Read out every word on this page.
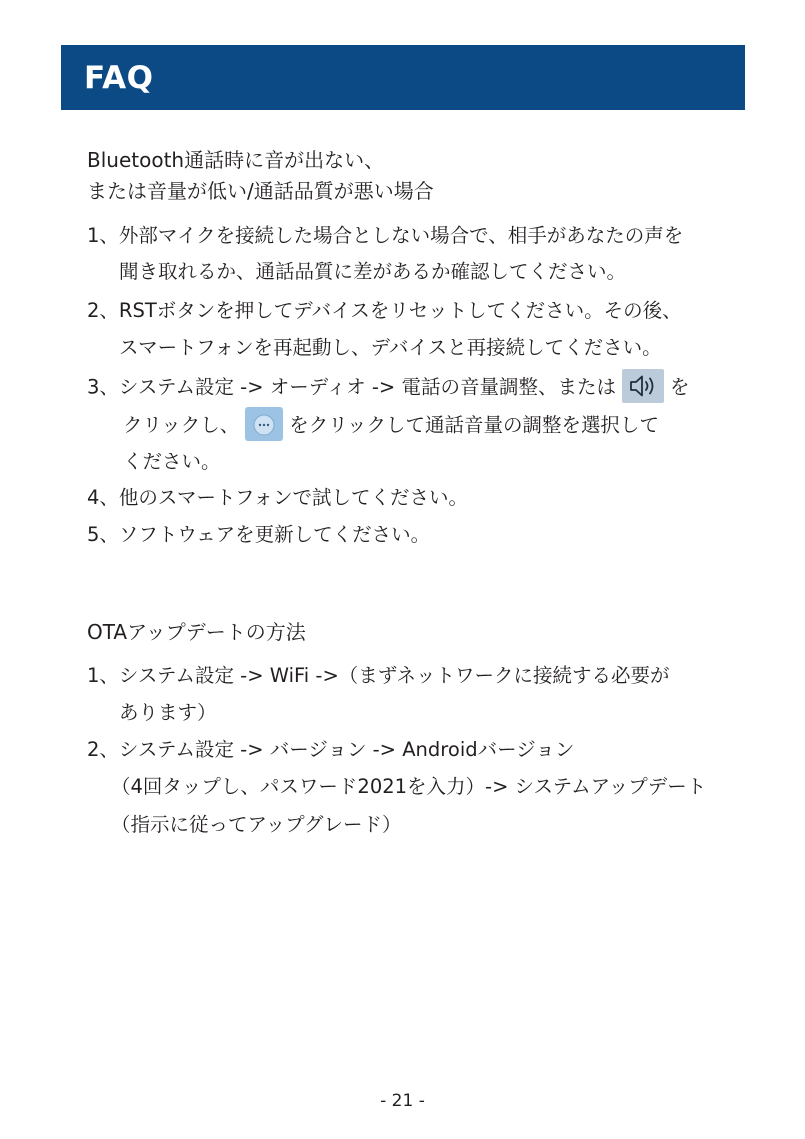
FAQ
Bluetooth通話時に音が出ない、
または音量が低い/通話品質が悪い場合
1、外部マイクを接続した場合としない場合で、相手があなたの声を
聞き取れるか、通話品質に差があるか確認してください。
2、RSTボタンを押してデバイスをリセットしてください。その後、
スマートフォンを再起動し、デバイスと再接続してください。
3、システム設定 -> オーディオ -> 電話の音量調整、または	を
クリックし、	をクリックして通話音量の調整を選択して
ください。
4、他のスマートフォンで試してください。
5、ソフトウェアを更新してください。
OTAアップデートの方法
1、システム設定 -> WiFi ->（まずネットワークに接続する必要が
あります）
2、システム設定 -> バージョン -> Androidバージョン
（4回タップし、パスワード2021を入力）-> システムアップデート
（指示に従ってアップグレード）
- 21 -
